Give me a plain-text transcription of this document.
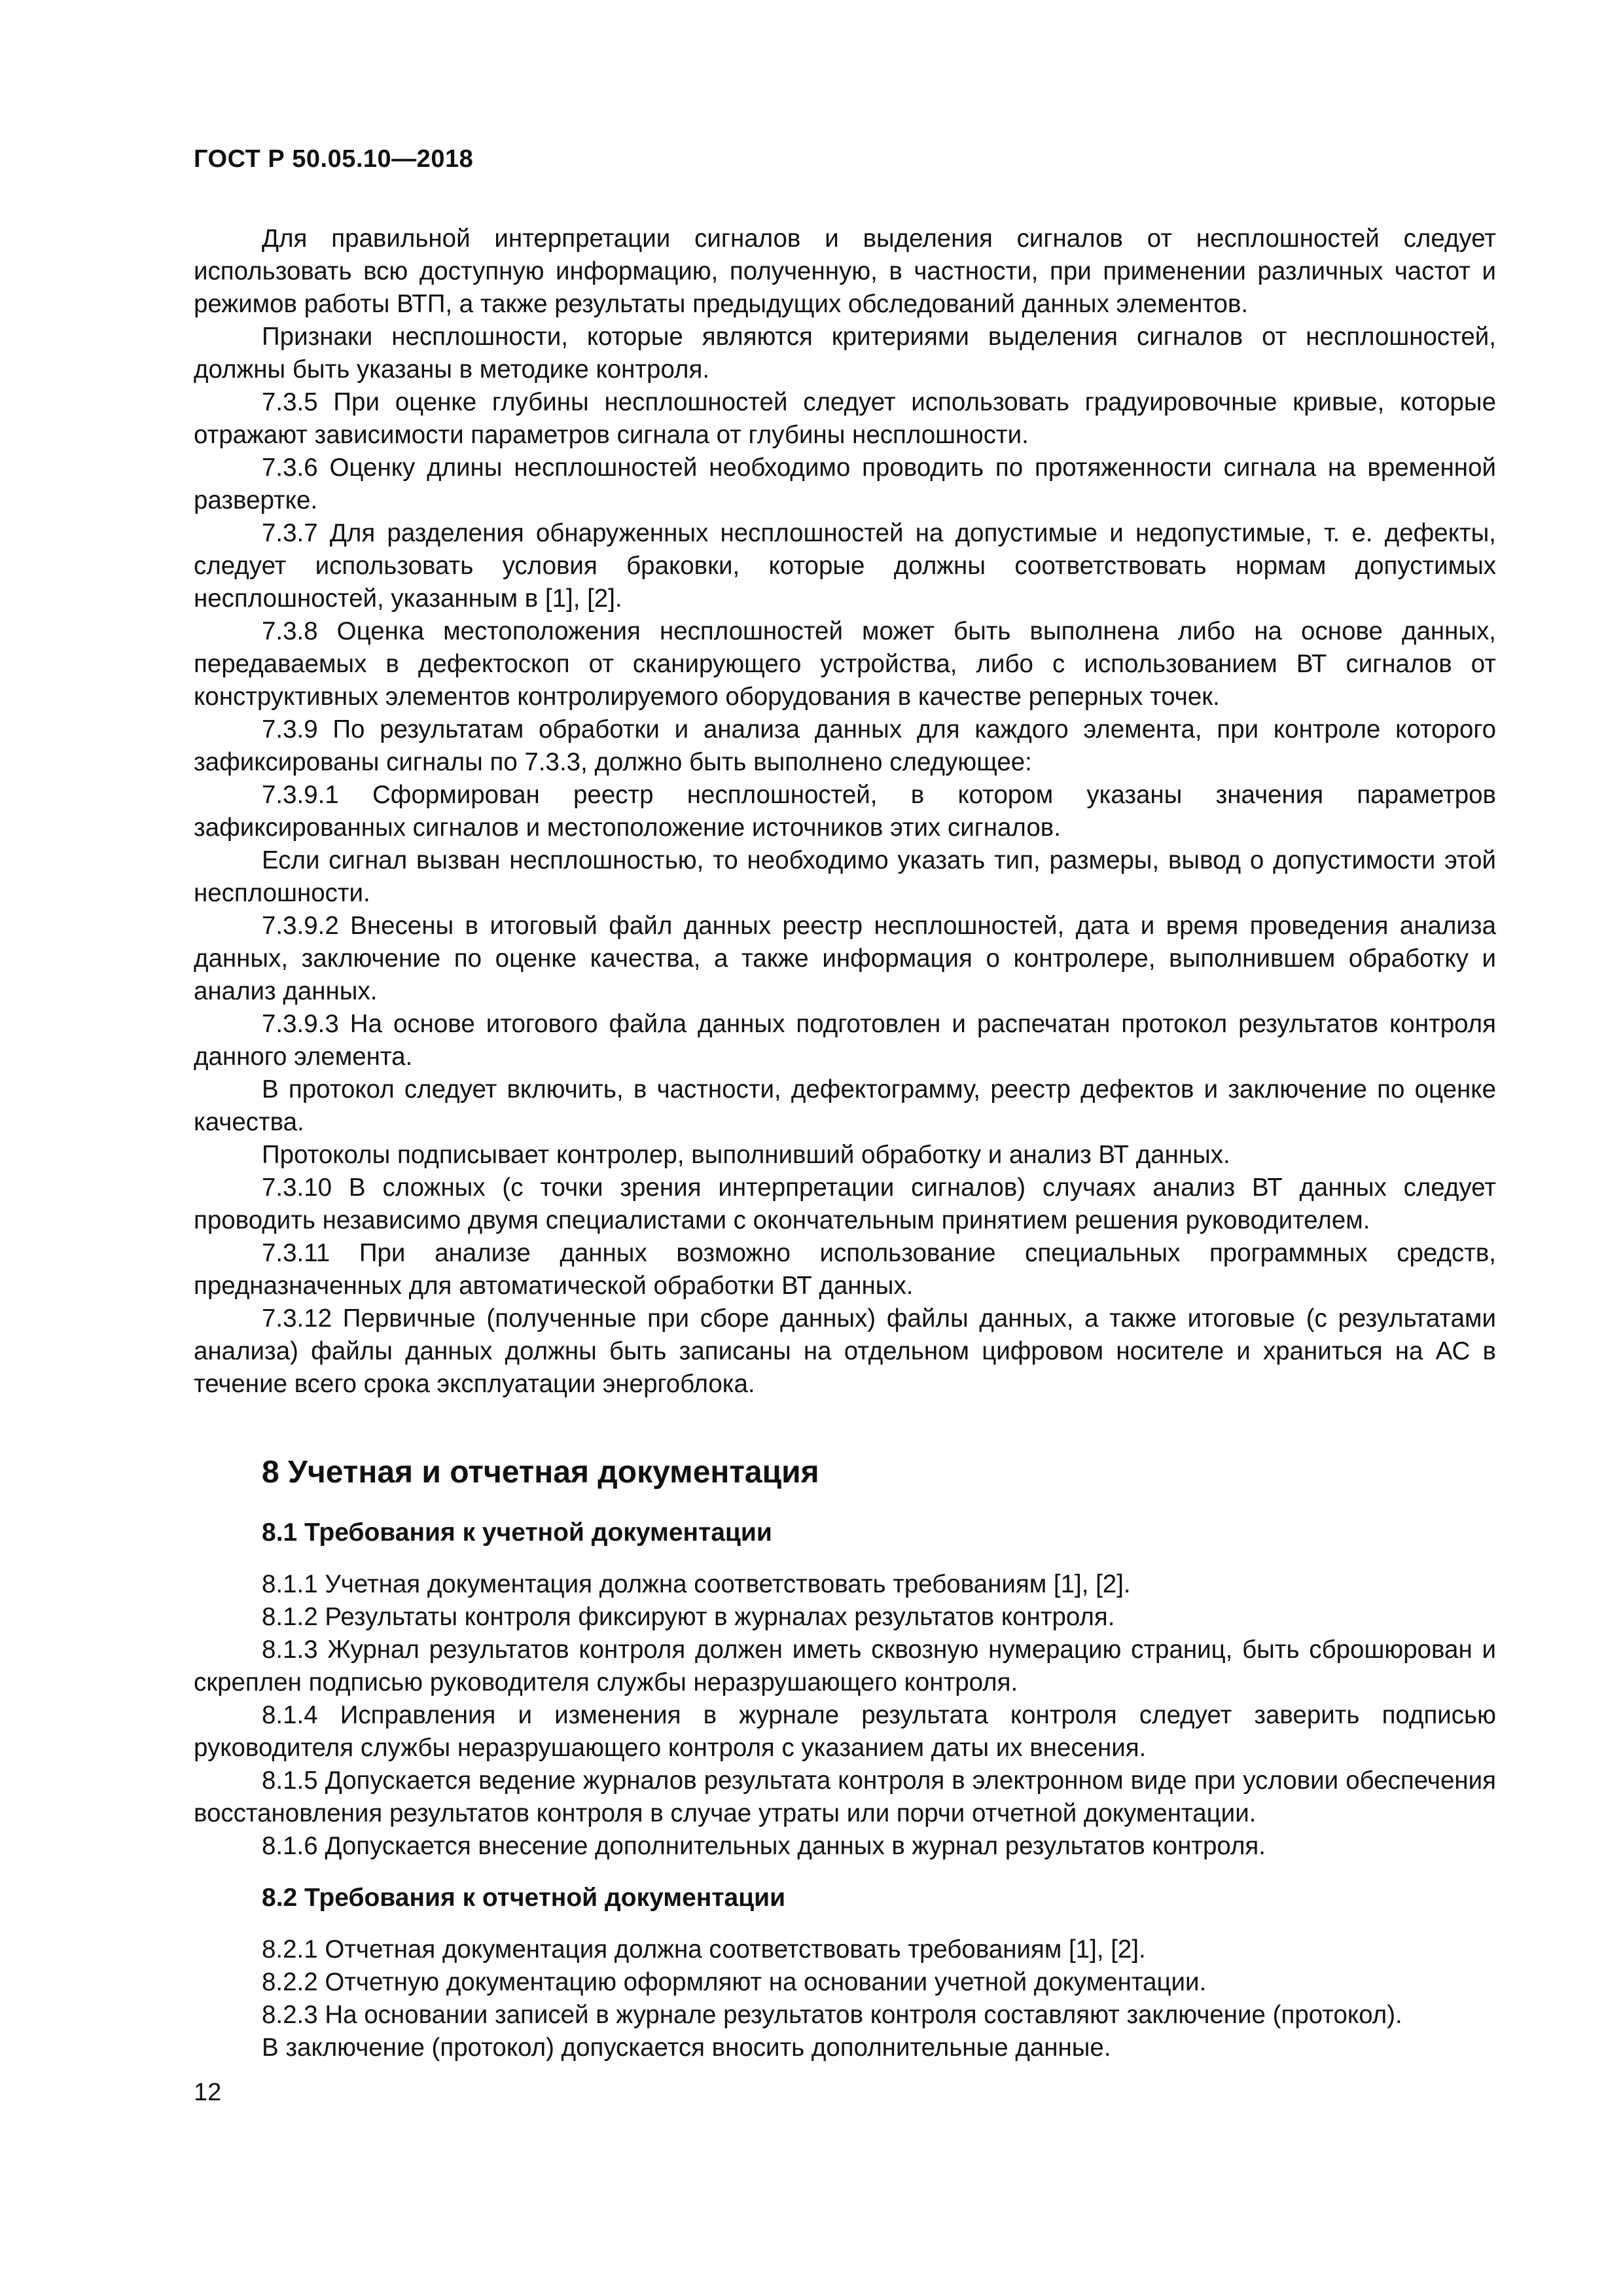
ГОСТ Р 50.05.10—2018

Для правильной интерпретации сигналов и выделения сигналов от несплошностей следует использовать всю доступную информацию, полученную, в частности, при применении различных частот и режимов работы ВТП, а также результаты предыдущих обследований данных элементов.

Признаки несплошности, которые являются критериями выделения сигналов от несплошностей, должны быть указаны в методике контроля.

7.3.5 При оценке глубины несплошностей следует использовать градуировочные кривые, которые отражают зависимости параметров сигнала от глубины несплошности.

7.3.6 Оценку длины несплошностей необходимо проводить по протяженности сигнала на временной развертке.

7.3.7 Для разделения обнаруженных несплошностей на допустимые и недопустимые, т. е. дефекты, следует использовать условия браковки, которые должны соответствовать нормам допустимых несплошностей, указанным в [1], [2].

7.3.8 Оценка местоположения несплошностей может быть выполнена либо на основе данных, передаваемых в дефектоскоп от сканирующего устройства, либо с использованием ВТ сигналов от конструктивных элементов контролируемого оборудования в качестве реперных точек.

7.3.9 По результатам обработки и анализа данных для каждого элемента, при контроле которого зафиксированы сигналы по 7.3.3, должно быть выполнено следующее:

7.3.9.1 Сформирован реестр несплошностей, в котором указаны значения параметров зафиксированных сигналов и местоположение источников этих сигналов.

Если сигнал вызван несплошностью, то необходимо указать тип, размеры, вывод о допустимости этой несплошности.

7.3.9.2 Внесены в итоговый файл данных реестр несплошностей, дата и время проведения анализа данных, заключение по оценке качества, а также информация о контролере, выполнившем обработку и анализ данных.

7.3.9.3 На основе итогового файла данных подготовлен и распечатан протокол результатов контроля данного элемента.

В протокол следует включить, в частности, дефектограмму, реестр дефектов и заключение по оценке качества.

Протоколы подписывает контролер, выполнивший обработку и анализ ВТ данных.

7.3.10 В сложных (с точки зрения интерпретации сигналов) случаях анализ ВТ данных следует проводить независимо двумя специалистами с окончательным принятием решения руководителем.

7.3.11 При анализе данных возможно использование специальных программных средств, предназначенных для автоматической обработки ВТ данных.

7.3.12 Первичные (полученные при сборе данных) файлы данных, а также итоговые (с результатами анализа) файлы данных должны быть записаны на отдельном цифровом носителе и храниться на АС в течение всего срока эксплуатации энергоблока.

8 Учетная и отчетная документация
8.1 Требования к учетной документации

8.1.1 Учетная документация должна соответствовать требованиям [1], [2].

8.1.2 Результаты контроля фиксируют в журналах результатов контроля.

8.1.3 Журнал результатов контроля должен иметь сквозную нумерацию страниц, быть сброшюрован и скреплен подписью руководителя службы неразрушающего контроля.

8.1.4 Исправления и изменения в журнале результата контроля следует заверить подписью руководителя службы неразрушающего контроля с указанием даты их внесения.

8.1.5 Допускается ведение журналов результата контроля в электронном виде при условии обеспечения восстановления результатов контроля в случае утраты или порчи отчетной документации.

8.1.6 Допускается внесение дополнительных данных в журнал результатов контроля.

8.2 Требования к отчетной документации

8.2.1 Отчетная документация должна соответствовать требованиям [1], [2].

8.2.2 Отчетную документацию оформляют на основании учетной документации.

8.2.3 На основании записей в журнале результатов контроля составляют заключение (протокол).

В заключение (протокол) допускается вносить дополнительные данные.

12
